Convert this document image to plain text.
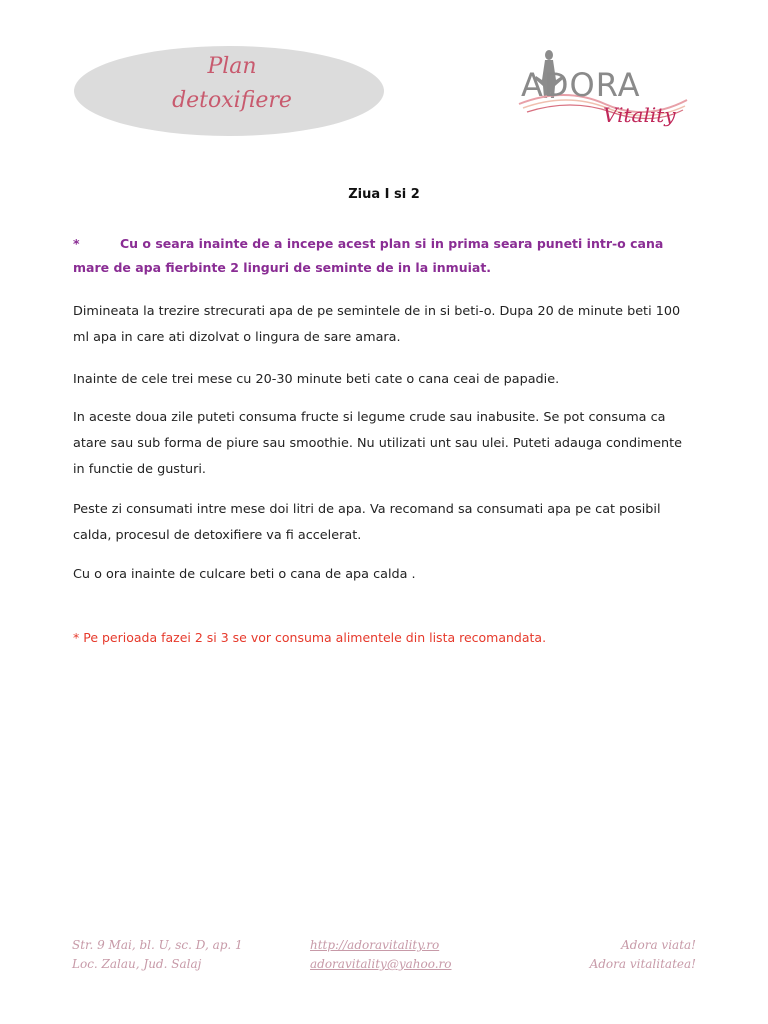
Plan
detoxifiere	ADORA
Vitality
Ziua I si 2

*	Cu o seara inainte de a incepe acest plan si in prima seara puneti intr-o cana mare de apa fierbinte 2 linguri de seminte de in la inmuiat.

Dimineata la trezire strecurati apa de pe semintele de in si beti-o. Dupa 20 de minute beti 100 ml apa in care ati dizolvat o lingura de sare amara.

Inainte de cele trei mese cu 20-30 minute beti cate o cana ceai de papadie.

In aceste doua zile puteti consuma fructe si legume crude sau inabusite. Se pot consuma ca atare sau sub forma de piure sau smoothie. Nu utilizati unt sau ulei. Puteti adauga condimente in functie de gusturi.

Peste zi consumati intre mese doi litri de apa. Va recomand sa consumati apa pe cat posibil calda, procesul de detoxifiere va fi accelerat.

Cu o ora inainte de culcare beti o cana de apa calda .

* Pe perioada fazei 2 si 3 se vor consuma alimentele din lista recomandata.

Str. 9 Mai, bl. U, sc. D, ap. 1
Loc. Zalau, Jud. Salaj
http://adoravitality.ro
adoravitality@yahoo.ro
Adora viata!
Adora vitalitatea!
